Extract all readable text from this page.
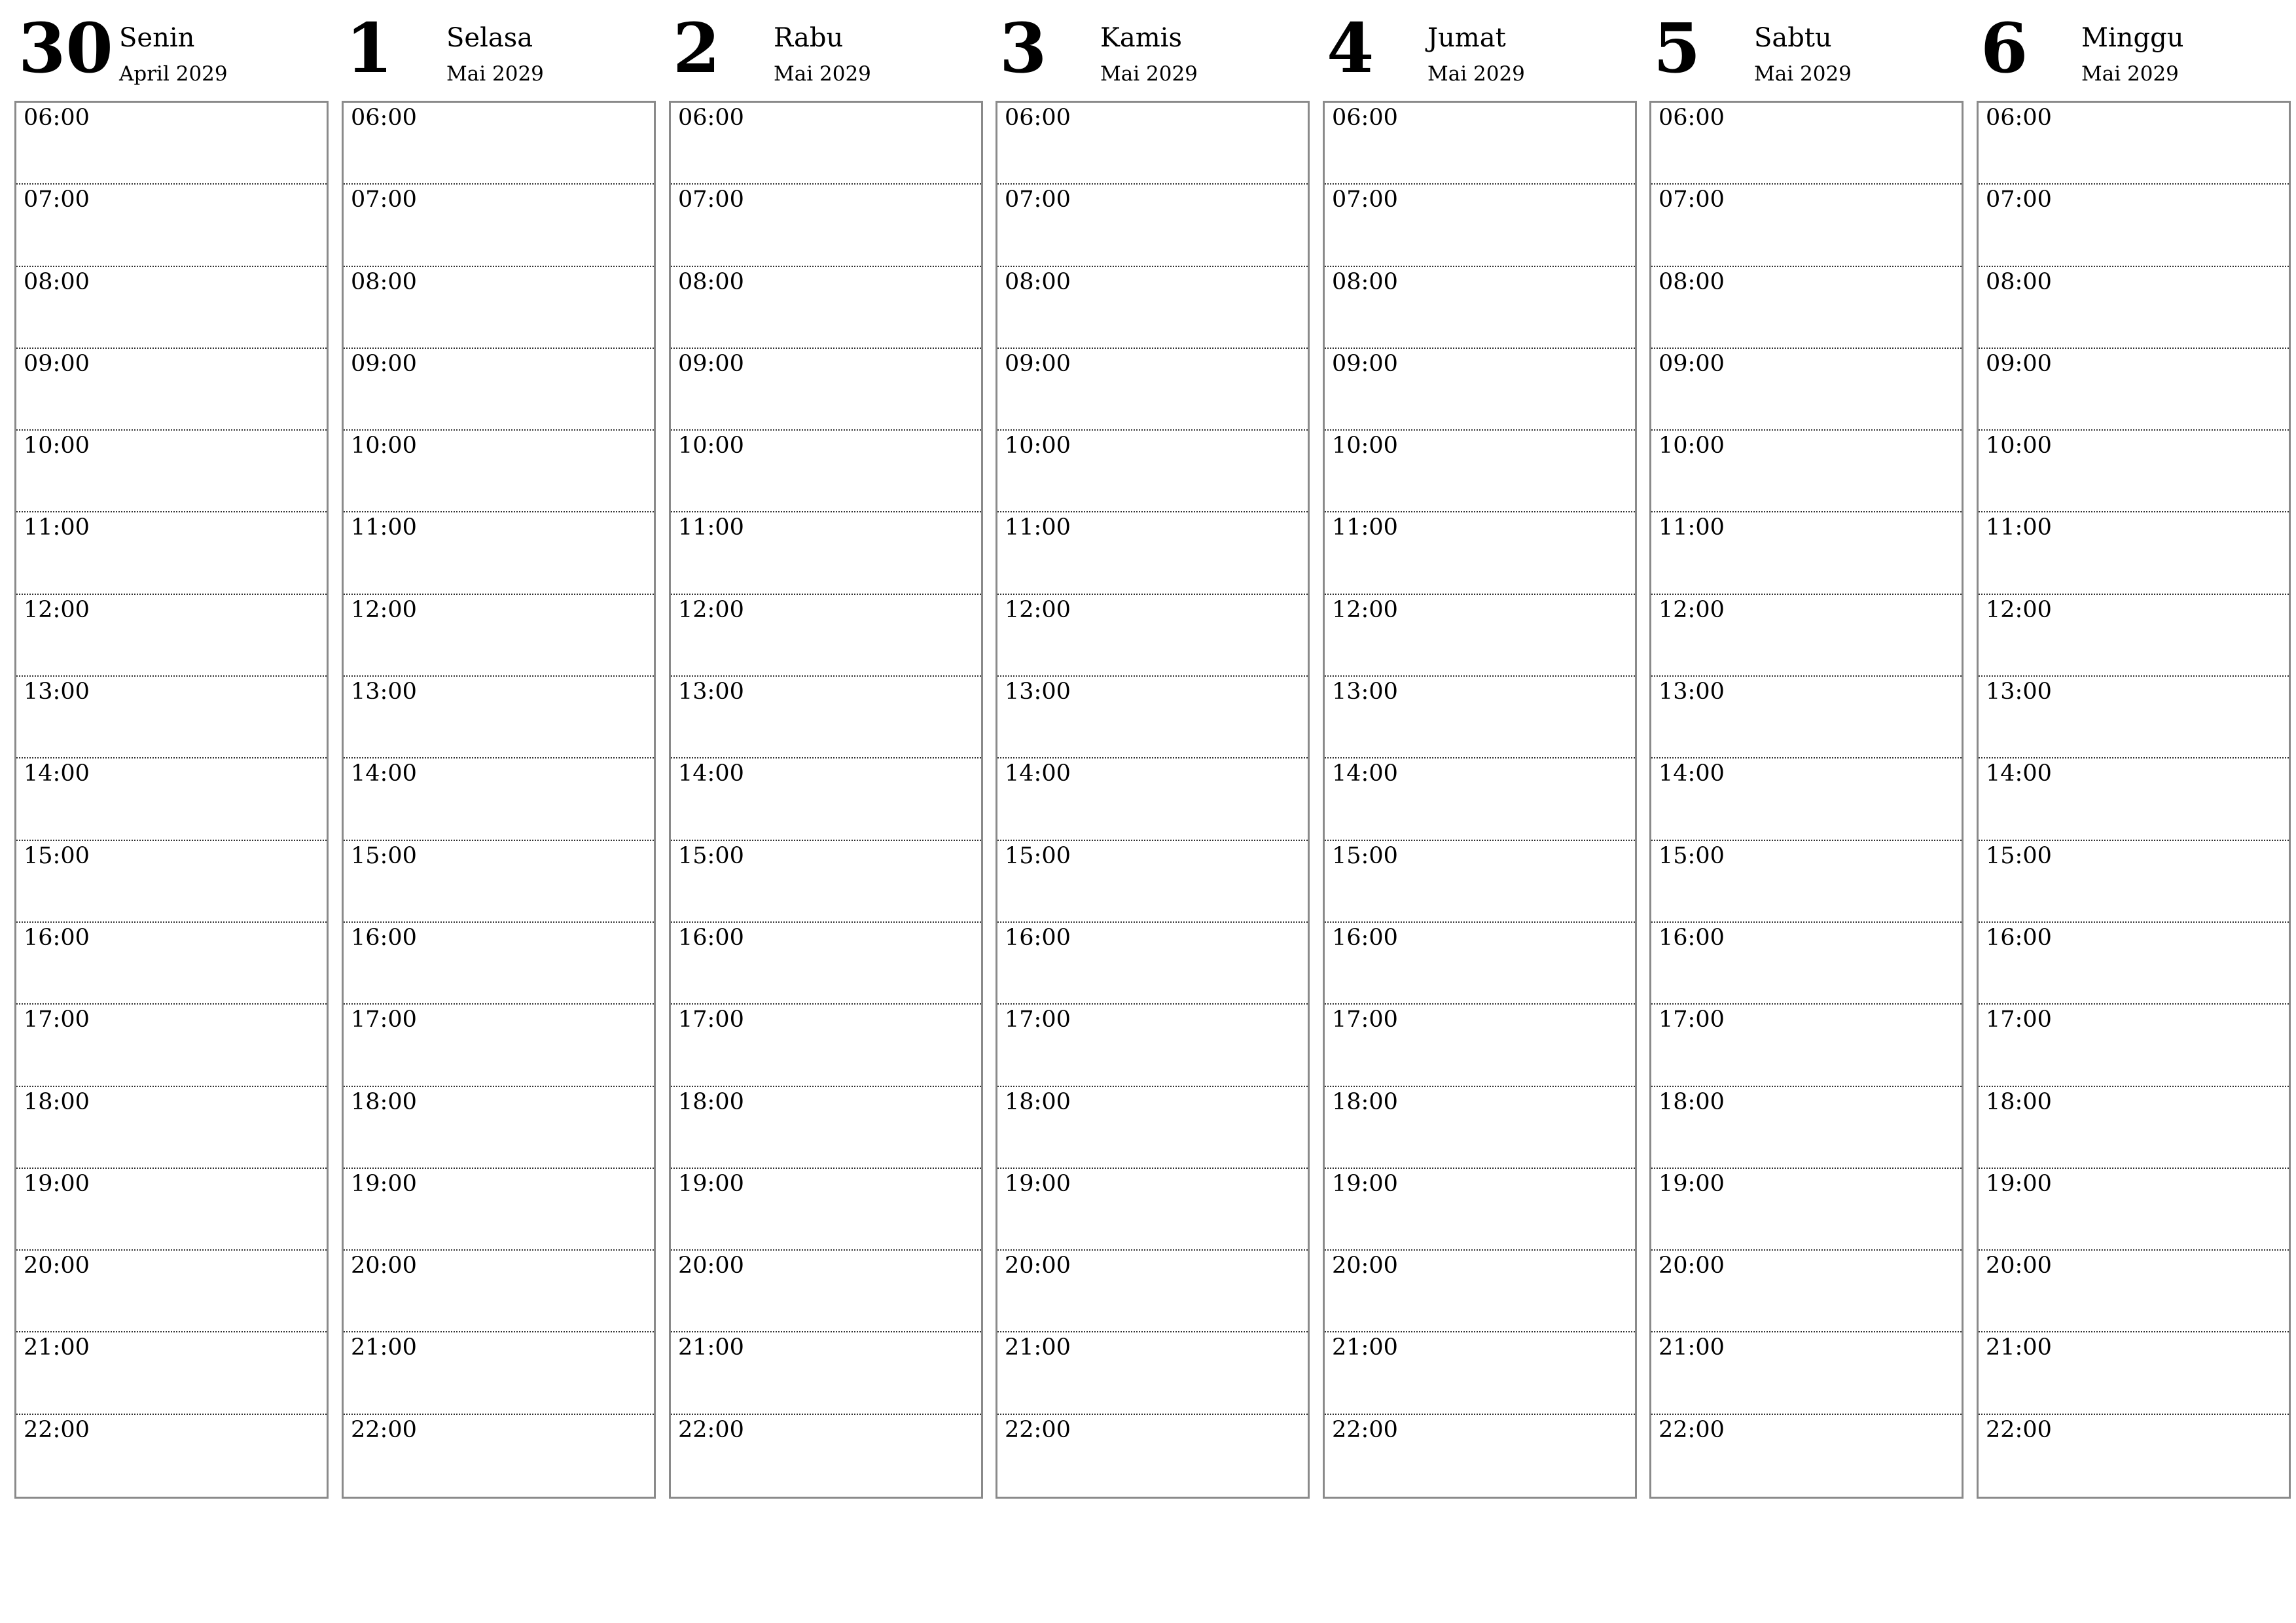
30 Senin
April 2029
06:00
07:00
08:00
09:00
10:00
11:00
12:00
13:00
14:00
15:00
16:00
17:00
18:00
19:00
20:00
21:00
22:00
1 Selasa
Mai 2029
06:00
07:00
08:00
09:00
10:00
11:00
12:00
13:00
14:00
15:00
16:00
17:00
18:00
19:00
20:00
21:00
22:00
2 Rabu
Mai 2029
06:00
07:00
08:00
09:00
10:00
11:00
12:00
13:00
14:00
15:00
16:00
17:00
18:00
19:00
20:00
21:00
22:00
3 Kamis
Mai 2029
06:00
07:00
08:00
09:00
10:00
11:00
12:00
13:00
14:00
15:00
16:00
17:00
18:00
19:00
20:00
21:00
22:00
4 Jumat
Mai 2029
06:00
07:00
08:00
09:00
10:00
11:00
12:00
13:00
14:00
15:00
16:00
17:00
18:00
19:00
20:00
21:00
22:00
5 Sabtu
Mai 2029
06:00
07:00
08:00
09:00
10:00
11:00
12:00
13:00
14:00
15:00
16:00
17:00
18:00
19:00
20:00
21:00
22:00
6 Minggu
Mai 2029
06:00
07:00
08:00
09:00
10:00
11:00
12:00
13:00
14:00
15:00
16:00
17:00
18:00
19:00
20:00
21:00
22:00
